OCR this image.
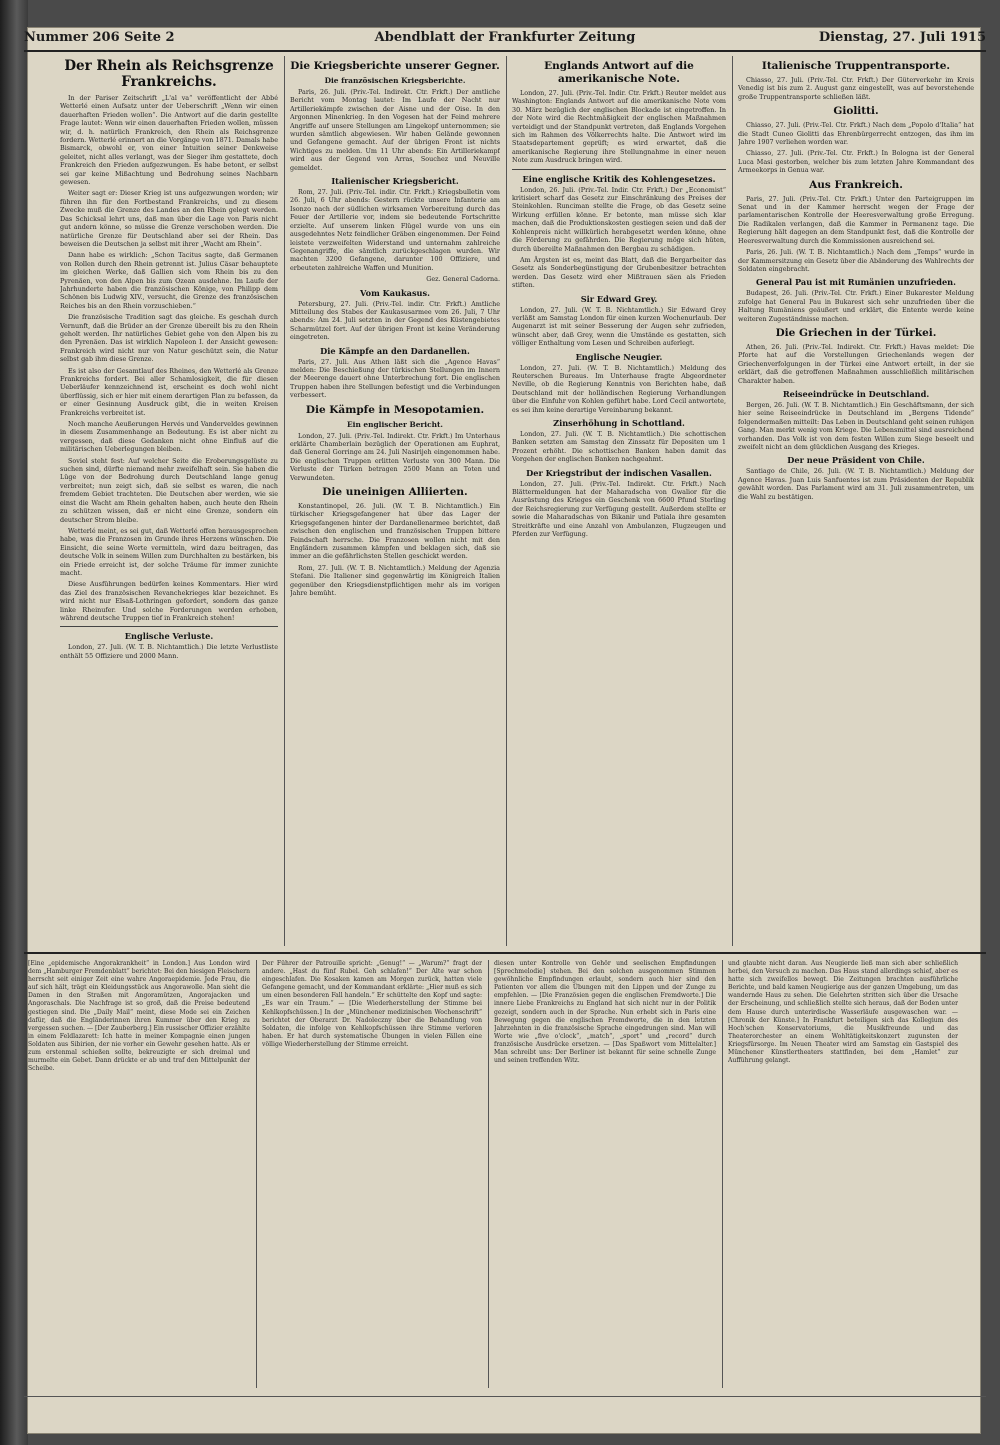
Nummer 206 Seite 2	Abendblatt der Frankfurter Zeitung	Dienstag, 27. Juli 1915
Der Rhein als Reichsgrenze Frankreichs.
In der Pariser Zeitschrift „L'al va“ veröffentlicht der Abbé Wetterlé einen Aufsatz unter der Ueberschrift „Wenn wir einen dauerhaften Frieden wollen“. Die Antwort auf die darin gestellte Frage lautet: Wenn wir einen dauerhaften Frieden wollen, müssen wir, d. h. natürlich Frankreich, den Rhein als Reichsgrenze fordern. Wetterlé erinnert an die Vorgänge von 1871. Damals habe Bismarck, obwohl er, von einer Intuition seiner Denkweise geleitet, nicht alles verlangt, was der Sieger ihm gestattete, doch Frankreich den Frieden aufgezwungen. Es habe betont, er selbst sei gar keine Mißachtung und Bedrohung seines Nachbarn gewesen.
Weiter sagt er: Dieser Krieg ist uns aufgezwungen worden; wir führen ihn für den Fortbestand Frankreichs, und zu diesem Zwecke muß die Grenze des Landes an den Rhein gelegt werden. Das Schicksal lehrt uns, daß man über die Lage von Paris nicht gut andern könne, so müsse die Grenze verschoben werden. Die natürliche Grenze für Deutschland aber sei der Rhein. Das beweisen die Deutschen ja selbst mit ihrer „Wacht am Rhein“.
Dann habe es wirklich: „Schon Tacitus sagte, daß Germanen von Rollen durch den Rhein getrennt ist. Julius Cäsar behauptete im gleichen Werke, daß Gallien sich vom Rhein bis zu den Pyrenäen, von den Alpen bis zum Ozean ausdehne. Im Laufe der Jahrhunderte haben die französischen Könige, von Philipp dem Schönen bis Ludwig XIV., versucht, die Grenze des französischen Reiches bis an den Rhein vorzuschieben.“
Die französische Tradition sagt das gleiche. Es geschah durch Vernunft, daß die Brüder an der Grenze übereilt bis zu den Rhein geholt werden. Ihr natürliches Gebiet gehe von den Alpen bis zu den Pyrenäen. Das ist wirklich Napoleon I. der Ansicht gewesen: Frankreich wird nicht nur von Natur geschützt sein, die Natur selbst gab ihm diese Grenze.
Es ist also der Gesamtlauf des Rheines, den Wetterlé als Grenze Frankreichs fordert. Bei aller Schamlosigkeit, die für diesen Ueberläufer kennzeichnend ist, erscheint es doch wohl nicht überflüssig, sich er hier mit einem derartigen Plan zu befassen, da er einer Gesinnung Ausdruck gibt, die in weiten Kreisen Frankreichs verbreitet ist.
Noch manche Aeußerungen Hervés und Vanderveldes gewinnen in diesem Zusammenhange an Bedeutung. Es ist aber nicht zu vergessen, daß diese Gedanken nicht ohne Einfluß auf die militärischen Ueberlegungen bleiben.
Soviel steht fest: Auf welcher Seite die Eroberungsgelüste zu suchen sind, dürfte niemand mehr zweifelhaft sein. Sie haben die Lüge von der Bedrohung durch Deutschland lange genug verbreitet; nun zeigt sich, daß sie selbst es waren, die nach fremdem Gebiet trachteten. Die Deutschen aber werden, wie sie einst die Wacht am Rhein gehalten haben, auch heute den Rhein zu schützen wissen, daß er nicht eine Grenze, sondern ein deutscher Strom bleibe.
Wetterlé meint, es sei gut, daß Wetterlé offen herausgesprochen habe, was die Franzosen im Grunde ihres Herzens wünschen. Die Einsicht, die seine Worte vermitteln, wird dazu beitragen, das deutsche Volk in seinem Willen zum Durchhalten zu bestärken, bis ein Friede erreicht ist, der solche Träume für immer zunichte macht.
Diese Ausführungen bedürfen keines Kommentars. Hier wird das Ziel des französischen Revanchekrieges klar bezeichnet. Es wird nicht nur Elsaß-Lothringen gefordert, sondern das ganze linke Rheinufer. Und solche Forderungen werden erhoben, während deutsche Truppen tief in Frankreich stehen!
Englische Verluste.
London, 27. Juli. (W. T. B. Nichtamtlich.) Die letzte Verlustliste enthält 55 Offiziere und 2000 Mann.
Die Kriegsberichte unserer Gegner.
Die französischen Kriegsberichte.
Paris, 26. Juli. (Priv.-Tel. Indirekt. Ctr. Frkft.) Der amtliche Bericht vom Montag lautet: Im Laufe der Nacht nur Artilleriekämpfe zwischen der Aisne und der Oise. In den Argonnen Minenkrieg. In den Vogesen hat der Feind mehrere Angriffe auf unsere Stellungen am Lingekopf unternommen; sie wurden sämtlich abgewiesen. Wir haben Gelände gewonnen und Gefangene gemacht. Auf der übrigen Front ist nichts Wichtiges zu melden. Um 11 Uhr abends: Ein Artilleriekampf wird aus der Gegend von Arras, Souchez und Neuville gemeldet.
Italienischer Kriegsbericht.
Rom, 27. Juli. (Priv.-Tel. indir. Ctr. Frkft.) Kriegsbulletin vom 26. Juli, 6 Uhr abends: Gestern rückte unsere Infanterie am Isonzo nach der südlichen wirksamen Vorbereitung durch das Feuer der Artillerie vor, indem sie bedeutende Fortschritte erzielte. Auf unserem linken Flügel wurde von uns ein ausgedehntes Netz feindlicher Gräben eingenommen. Der Feind leistete verzweifelten Widerstand und unternahm zahlreiche Gegenangriffe, die sämtlich zurückgeschlagen wurden. Wir machten 3200 Gefangene, darunter 100 Offiziere, und erbeuteten zahlreiche Waffen und Munition.
Gez. General Cadorna.
Vom Kaukasus.
Petersburg, 27. Juli. (Priv.-Tel. indir. Ctr. Frkft.) Amtliche Mitteilung des Stabes der Kaukasusarmee vom 26. Juli, 7 Uhr abends: Am 24. Juli setzten in der Gegend des Küstengebietes Scharmützel fort. Auf der übrigen Front ist keine Veränderung eingetreten.
Die Kämpfe an den Dardanellen.
Paris, 27. Juli. Aus Athen läßt sich die „Agence Havas“ melden: Die Beschießung der türkischen Stellungen im Innern der Meerenge dauert ohne Unterbrechung fort. Die englischen Truppen haben ihre Stellungen befestigt und die Verbindungen verbessert.
Die Kämpfe in Mesopotamien.
Ein englischer Bericht.
London, 27. Juli. (Priv.-Tel. Indirekt. Ctr. Frkft.) Im Unterhaus erklärte Chamberlain bezüglich der Operationen am Euphrat, daß General Gorringe am 24. Juli Nasirijeh eingenommen habe. Die englischen Truppen erlitten Verluste von 300 Mann. Die Verluste der Türken betragen 2500 Mann an Toten und Verwundeten.
Die uneinigen Alliierten.
Konstantinopel, 26. Juli. (W. T. B. Nichtamtlich.) Ein türkischer Kriegsgefangener hat über das Lager der Kriegsgefangenen hinter der Dardanellenarmee berichtet, daß zwischen den englischen und französischen Truppen bittere Feindschaft herrsche. Die Franzosen wollen nicht mit den Engländern zusammen kämpfen und beklagen sich, daß sie immer an die gefährlichsten Stellen geschickt werden.
Rom, 27. Juli. (W. T. B. Nichtamtlich.) Meldung der Agenzia Stefani. Die Italiener sind gegenwärtig im Königreich Italien gegenüber den Kriegsdienstpflichtigen mehr als im vorigen Jahre bemüht.
Englands Antwort auf die amerikanische Note.
London, 27. Juli. (Priv.-Tel. Indir. Ctr. Frkft.) Reuter meldet aus Washington: Englands Antwort auf die amerikanische Note vom 30. März bezüglich der englischen Blockade ist eingetroffen. In der Note wird die Rechtmäßigkeit der englischen Maßnahmen verteidigt und der Standpunkt vertreten, daß Englands Vorgehen sich im Rahmen des Völkerrechts halte. Die Antwort wird im Staatsdepartement geprüft; es wird erwartet, daß die amerikanische Regierung ihre Stellungnahme in einer neuen Note zum Ausdruck bringen wird.
Eine englische Kritik des Kohlengesetzes.
London, 26. Juli. (Priv.-Tel. Indir. Ctr. Frkft.) Der „Economist“ kritisiert scharf das Gesetz zur Einschränkung des Preises der Steinkohlen. Runciman stellte die Frage, ob das Gesetz seine Wirkung erfüllen könne. Er betonte, man müsse sich klar machen, daß die Produktionskosten gestiegen seien und daß der Kohlenpreis nicht willkürlich herabgesetzt werden könne, ohne die Förderung zu gefährden. Die Regierung möge sich hüten, durch übereilte Maßnahmen den Bergbau zu schädigen.
Am Ärgsten ist es, meint das Blatt, daß die Bergarbeiter das Gesetz als Sonderbegünstigung der Grubenbesitzer betrachten werden. Das Gesetz wird eher Mißtrauen säen als Frieden stiften.
Sir Edward Grey.
London, 27. Juli. (W. T. B. Nichtamtlich.) Sir Edward Grey verläßt am Samstag London für einen kurzen Wochenurlaub. Der Augenarzt ist mit seiner Besserung der Augen sehr zufrieden, wünscht aber, daß Grey, wenn die Umstände es gestatten, sich völliger Enthaltung vom Lesen und Schreiben auferlegt.
Englische Neugier.
London, 27. Juli. (W. T. B. Nichtamtlich.) Meldung des Reuterschen Bureaus. Im Unterhause fragte Abgeordneter Neville, ob die Regierung Kenntnis von Berichten habe, daß Deutschland mit der holländischen Regierung Verhandlungen über die Einfuhr von Kohlen geführt habe. Lord Cecil antwortete, es sei ihm keine derartige Vereinbarung bekannt.
Zinserhöhung in Schottland.
London, 27. Juli. (W. T. B. Nichtamtlich.) Die schottischen Banken setzten am Samstag den Zinssatz für Depositen um 1 Prozent erhöht. Die schottischen Banken haben damit das Vorgehen der englischen Banken nachgeahmt.
Der Kriegstribut der indischen Vasallen.
London, 27. Juli. (Priv.-Tel. Indirekt. Ctr. Frkft.) Nach Blättermeldungen hat der Maharadscha von Gwalior für die Ausrüstung des Krieges ein Geschenk von 6600 Pfund Sterling der Reichsregierung zur Verfügung gestellt. Außerdem stellte er sowie die Maharadschas von Bikanir und Patiala ihre gesamten Streitkräfte und eine Anzahl von Ambulanzen, Flugzeugen und Pferden zur Verfügung.
Italienische Truppentransporte.
Chiasso, 27. Juli. (Priv.-Tel. Ctr. Frkft.) Der Güterverkehr im Kreis Venedig ist bis zum 2. August ganz eingestellt, was auf bevorstehende große Truppentransporte schließen läßt.
Giolitti.
Chiasso, 27. Juli. (Priv.-Tel. Ctr. Frkft.) Nach dem „Popolo d'Italia“ hat die Stadt Cuneo Giolitti das Ehrenbürgerrecht entzogen, das ihm im Jahre 1907 verliehen worden war.
Chiasso, 27. Juli. (Priv.-Tel. Ctr. Frkft.) In Bologna ist der General Luca Masi gestorben, welcher bis zum letzten Jahre Kommandant des Armeekorps in Genua war.
Aus Frankreich.
Paris, 27. Juli. (Priv.-Tel. Ctr. Frkft.) Unter den Parteigruppen im Senat und in der Kammer herrscht wegen der Frage der parlamentarischen Kontrolle der Heeresverwaltung große Erregung. Die Radikalen verlangen, daß die Kammer in Permanenz tage. Die Regierung hält dagegen an dem Standpunkt fest, daß die Kontrolle der Heeresverwaltung durch die Kommissionen ausreichend sei.
Paris, 26. Juli. (W. T. B. Nichtamtlich.) Nach dem „Temps“ wurde in der Kammersitzung ein Gesetz über die Abänderung des Wahlrechts der Soldaten eingebracht.
General Pau ist mit Rumänien unzufrieden.
Budapest, 26. Juli. (Priv.-Tel. Ctr. Frkft.) Einer Bukarester Meldung zufolge hat General Pau in Bukarest sich sehr unzufrieden über die Haltung Rumäniens geäußert und erklärt, die Entente werde keine weiteren Zugeständnisse machen.
Die Griechen in der Türkei.
Athen, 26. Juli. (Priv.-Tel. Indirekt. Ctr. Frkft.) Havas meldet: Die Pforte hat auf die Vorstellungen Griechenlands wegen der Griechenverfolgungen in der Türkei eine Antwort erteilt, in der sie erklärt, daß die getroffenen Maßnahmen ausschließlich militärischen Charakter haben.
Reiseeindrücke in Deutschland.
Bergen, 26. Juli. (W. T. B. Nichtamtlich.) Ein Geschäftsmann, der sich hier seine Reiseeindrücke in Deutschland im „Bergens Tidende“ folgendermaßen mitteilt: Das Leben in Deutschland geht seinen ruhigen Gang. Man merkt wenig vom Kriege. Die Lebensmittel sind ausreichend vorhanden. Das Volk ist von dem festen Willen zum Siege beseelt und zweifelt nicht an dem glücklichen Ausgang des Krieges.
Der neue Präsident von Chile.
Santiago de Chile, 26. Juli. (W. T. B. Nichtamtlich.) Meldung der Agence Havas. Juan Luis Sanfuentes ist zum Präsidenten der Republik gewählt worden. Das Parlament wird am 31. Juli zusammentreten, um die Wahl zu bestätigen.
[Eine „epidemische Angorakrankheit“ in London.] Aus London wird dem „Hamburger Fremdenblatt“ berichtet: Bei den hiesigen Fleischern herrscht seit einiger Zeit eine wahre Angoraepidemie. Jede Frau, die auf sich hält, trägt ein Kleidungsstück aus Angorawolle. Man sieht die Damen in den Straßen mit Angoramützen, Angorajacken und Angoraschals. Die Nachfrage ist so groß, daß die Preise bedeutend gestiegen sind. Die „Daily Mail“ meint, diese Mode sei ein Zeichen dafür, daß die Engländerinnen ihren Kummer über den Krieg zu vergessen suchen. — [Der Zauberberg.] Ein russischer Offizier erzählte in einem Feldlazarett: Ich hatte in meiner Kompagnie einen jungen Soldaten aus Sibirien, der nie vorher ein Gewehr gesehen hatte. Als er zum erstenmal schießen sollte, bekreuzigte er sich dreimal und murmelte ein Gebet. Dann drückte er ab und traf den Mittelpunkt der Scheibe.
Der Führer der Patrouille spricht: „Genug!“ — „Warum?“ fragt der andere. „Hast du fünf Rubel. Geh schlafen!“ Der Alte war schon eingeschlafen. Die Kosaken kamen am Morgen zurück, hatten viele Gefangene gemacht, und der Kommandant erklärte: „Hier muß es sich um einen besonderen Fall handeln.“ Er schüttelte den Kopf und sagte: „Es war ein Traum.“ — [Die Wiederherstellung der Stimme bei Kehlkopfschüssen.] In der „Münchener medizinischen Wochenschrift“ berichtet der Oberarzt Dr. Nadoleczny über die Behandlung von Soldaten, die infolge von Kehlkopfschüssen ihre Stimme verloren haben. Er hat durch systematische Übungen in vielen Fällen eine völlige Wiederherstellung der Stimme erreicht.
diesen unter Kontrolle von Gehör und seelischen Empfindungen [Sprechmelodie] stehen. Bei den solchen ausgenommen Stimmen gewöhnliche Empfindungen erlaubt, sondern auch hier sind den Patienten vor allem die Übungen mit den Lippen und der Zunge zu empfehlen. — [Die Französien gegen die englischen Fremdworte.] Die innere Liebe Frankreichs zu England hat sich nicht nur in der Politik gezeigt, sondern auch in der Sprache. Nun erhebt sich in Paris eine Bewegung gegen die englischen Fremdworte, die in den letzten Jahrzehnten in die französische Sprache eingedrungen sind. Man will Worte wie „five o'clock“, „match“, „sport“ und „record“ durch französische Ausdrücke ersetzen. — [Das Spaßwort vom Mittelalter.] Man schreibt uns: Der Berliner ist bekannt für seine schnelle Zunge und seinen treffenden Witz.
und glaubte nicht daran. Aus Neugierde ließ man sich aber schließlich herbei, den Versuch zu machen. Das Haus stand allerdings schief, aber es hatte sich zweifellos bewegt. Die Zeitungen brachten ausführliche Berichte, und bald kamen Neugierige aus der ganzen Umgebung, um das wandernde Haus zu sehen. Die Gelehrten stritten sich über die Ursache der Erscheinung, und schließlich stellte sich heraus, daß der Boden unter dem Hause durch unterirdische Wasserläufe ausgewaschen war. — [Chronik der Künste.] In Frankfurt beteiligen sich das Kollegium des Hoch'schen Konservatoriums, die Musikfreunde und das Theaterorchester an einem Wohltätigkeitskonzert zugunsten der Kriegsfürsorge. Im Neuen Theater wird am Samstag ein Gastspiel des Münchener Künstlertheaters stattfinden, bei dem „Hamlet“ zur Aufführung gelangt.
